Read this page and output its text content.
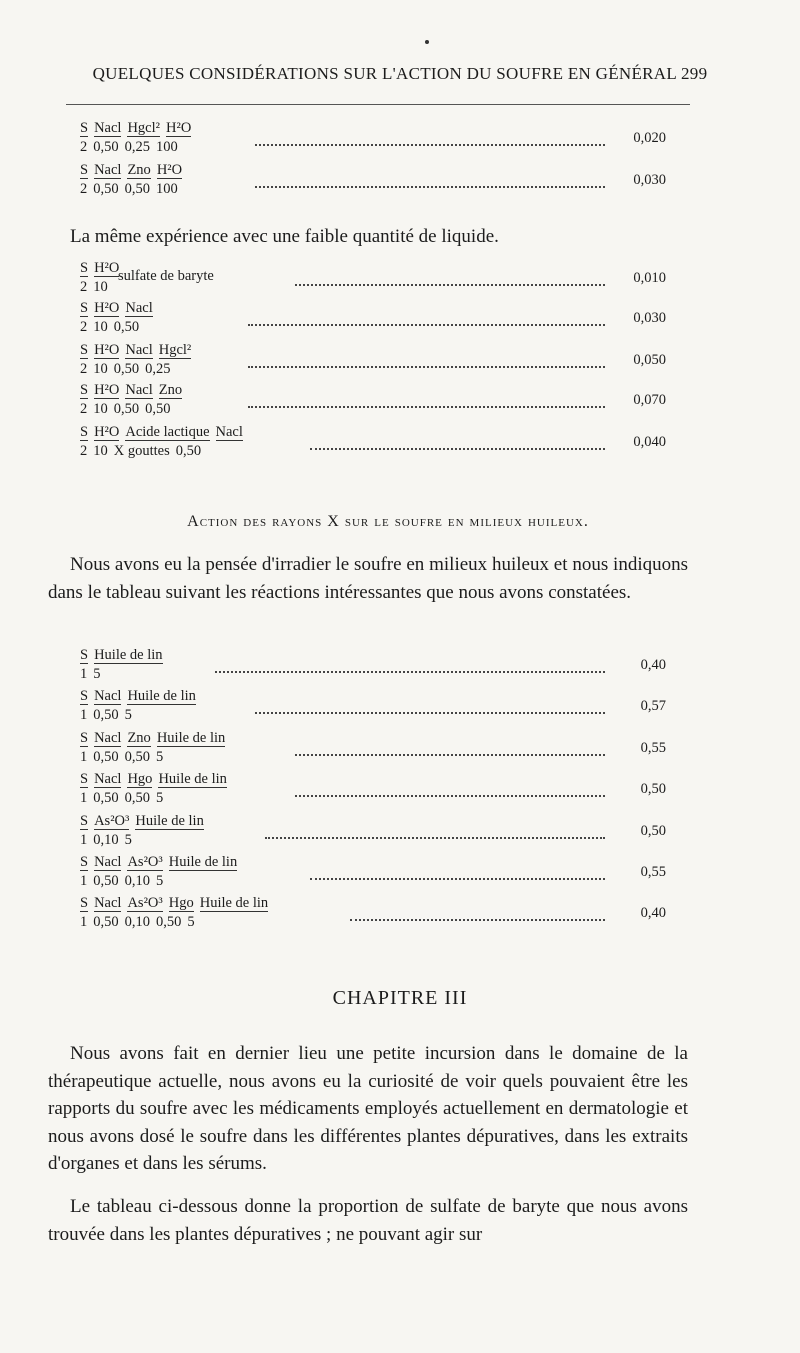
QUELQUES CONSIDÉRATIONS SUR L'ACTION DU SOUFRE EN GÉNÉRAL 299
S Nacl Hgcl² H²O
2 0,50 0,25 100
0,020
S Nacl Zno H²O
2 0,50 0,50 100
0,030
La même expérience avec une faible quantité de liquide.
S H²O
2 10
sulfate de baryte	0,010
S H²O Nacl
2 10 0,50
0,030
S H²O Nacl Hgcl²
2 10 0,50 0,25
0,050
S H²O Nacl Zno
2 10 0,50 0,50
0,070
S H²O Acide lactique Nacl
2 10 X gouttes 0,50
0,040
Action des rayons X sur le soufre en milieux huileux.
Nous avons eu la pensée d'irradier le soufre en milieux huileux et nous indiquons dans le tableau suivant les réactions intéressantes que nous avons constatées.
S Huile de lin
1 5
0,40
S Nacl Huile de lin
1 0,50 5
0,57
S Nacl Zno Huile de lin
1 0,50 0,50 5
0,55
S Nacl Hgo Huile de lin
1 0,50 0,50 5
0,50
S As²O³ Huile de lin
1 0,10 5
0,50
S Nacl As²O³ Huile de lin
1 0,50 0,10 5
0,55
S Nacl As²O³ Hgo Huile de lin
1 0,50 0,10 0,50 5
0,40
CHAPITRE III
Nous avons fait en dernier lieu une petite incursion dans le domaine de la thérapeutique actuelle, nous avons eu la curiosité de voir quels pouvaient être les rapports du soufre avec les médicaments employés actuellement en dermatologie et nous avons dosé le soufre dans les différentes plantes dépuratives, dans les extraits d'organes et dans les sérums.
Le tableau ci-dessous donne la proportion de sulfate de baryte que nous avons trouvée dans les plantes dépuratives ; ne pouvant agir sur
